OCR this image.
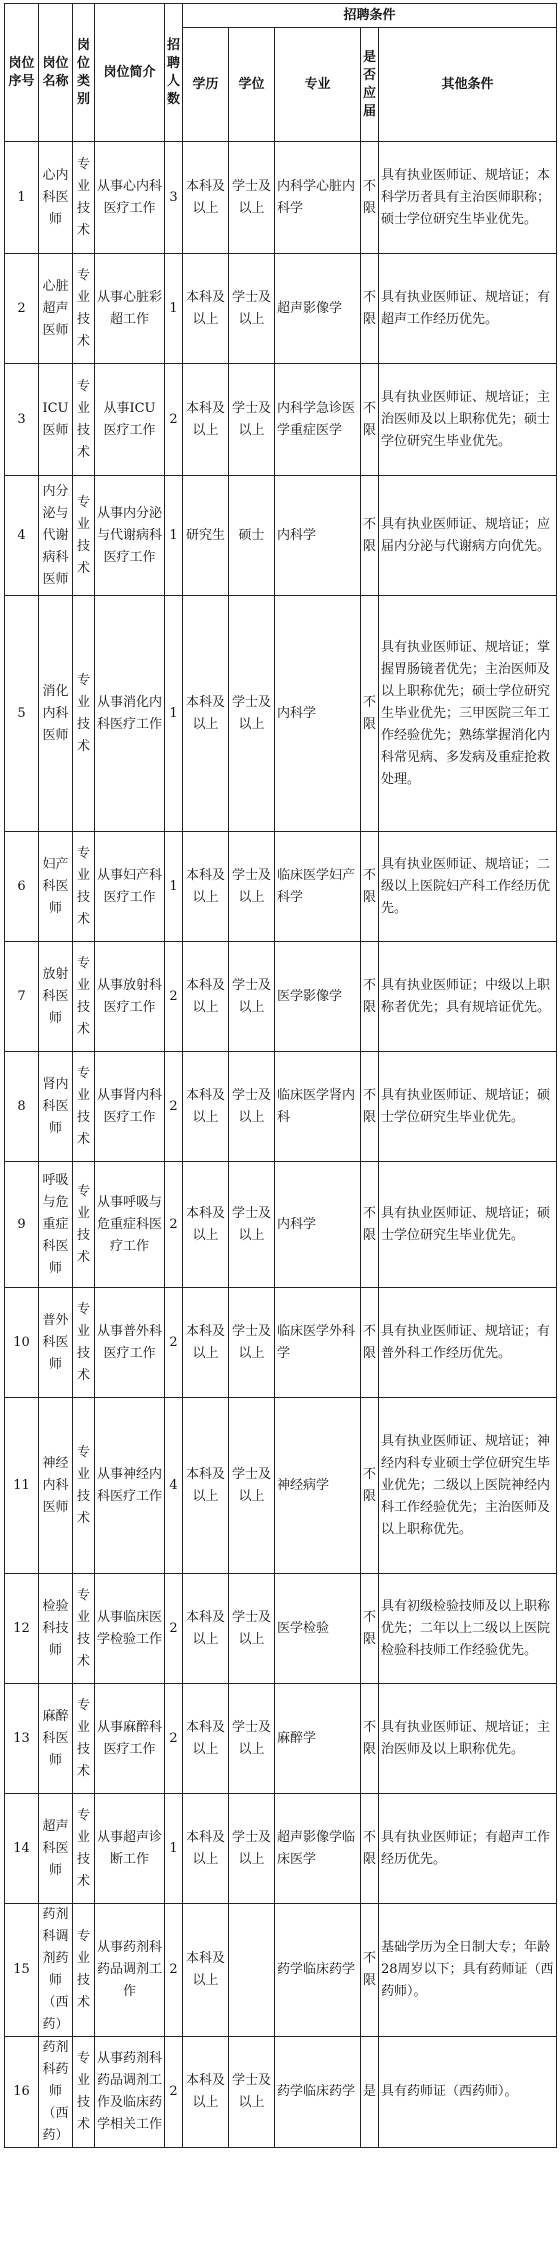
岗位序号	岗位名称	岗位类别	岗位简介	招聘人数	招聘条件				
					学历	学位	专业	是否应届	其他条件
1	心内科医师	专业技术	从事心内科医疗工作	3	本科及以上	学士及以上	内科学心脏内科学	不限	具有执业医师证、规培证；本科学历者具有主治医师职称；硕士学位研究生毕业优先。
2	心脏超声医师	专业技术	从事心脏彩超工作	1	本科及以上	学士及以上	超声影像学	不限	具有执业医师证、规培证；有超声工作经历优先。
3	ICU医师	专业技术	从事ICU医疗工作	2	本科及以上	学士及以上	内科学急诊医学重症医学	不限	具有执业医师证、规培证；主治医师及以上职称优先；硕士学位研究生毕业优先。
4	内分泌与代谢病科医师	专业技术	从事内分泌与代谢病科医疗工作	1	研究生	硕士	内科学	不限	具有执业医师证、规培证；应届内分泌与代谢病方向优先。
5	消化内科医师	专业技术	从事消化内科医疗工作	1	本科及以上	学士及以上	内科学	不限	具有执业医师证、规培证；掌握胃肠镜者优先；主治医师及以上职称优先；硕士学位研究生毕业优先；三甲医院三年工作经验优先；熟练掌握消化内科常见病、多发病及重症抢救处理。
6	妇产科医师	专业技术	从事妇产科医疗工作	1	本科及以上	学士及以上	临床医学妇产科学	不限	具有执业医师证、规培证；二级以上医院妇产科工作经历优先。
7	放射科医师	专业技术	从事放射科医疗工作	2	本科及以上	学士及以上	医学影像学	不限	具有执业医师证；中级以上职称者优先；具有规培证优先。
8	肾内科医师	专业技术	从事肾内科医疗工作	2	本科及以上	学士及以上	临床医学肾内科	不限	具有执业医师证、规培证；硕士学位研究生毕业优先。
9	呼吸与危重症科医师	专业技术	从事呼吸与危重症科医疗工作	2	本科及以上	学士及以上	内科学	不限	具有执业医师证、规培证；硕士学位研究生毕业优先。
10	普外科医师	专业技术	从事普外科医疗工作	2	本科及以上	学士及以上	临床医学外科学	不限	具有执业医师证、规培证；有普外科工作经历优先。
11	神经内科医师	专业技术	从事神经内科医疗工作	4	本科及以上	学士及以上	神经病学	不限	具有执业医师证、规培证；神经内科专业硕士学位研究生毕业优先；二级以上医院神经内科工作经验优先；主治医师及以上职称优先。
12	检验科技师	专业技术	从事临床医学检验工作	2	本科及以上	学士及以上	医学检验	不限	具有初级检验技师及以上职称优先；二年以上二级以上医院检验科技师工作经验优先。
13	麻醉科医师	专业技术	从事麻醉科医疗工作	2	本科及以上	学士及以上	麻醉学	不限	具有执业医师证、规培证；主治医师及以上职称优先。
14	超声科医师	专业技术	从事超声诊断工作	1	本科及以上	学士及以上	超声影像学临床医学	不限	具有执业医师证；有超声工作经历优先。
15	药剂科调剂药师（西药）	专业技术	从事药剂科药品调剂工作	2	本科及以上		药学临床药学	不限	基础学历为全日制大专；年龄28周岁以下；具有药师证（西药师）。
16	药剂科药师（西药）	专业技术	从事药剂科药品调剂工作及临床药学相关工作	2	本科及以上	学士及以上	药学临床药学	是	具有药师证（西药师）。
